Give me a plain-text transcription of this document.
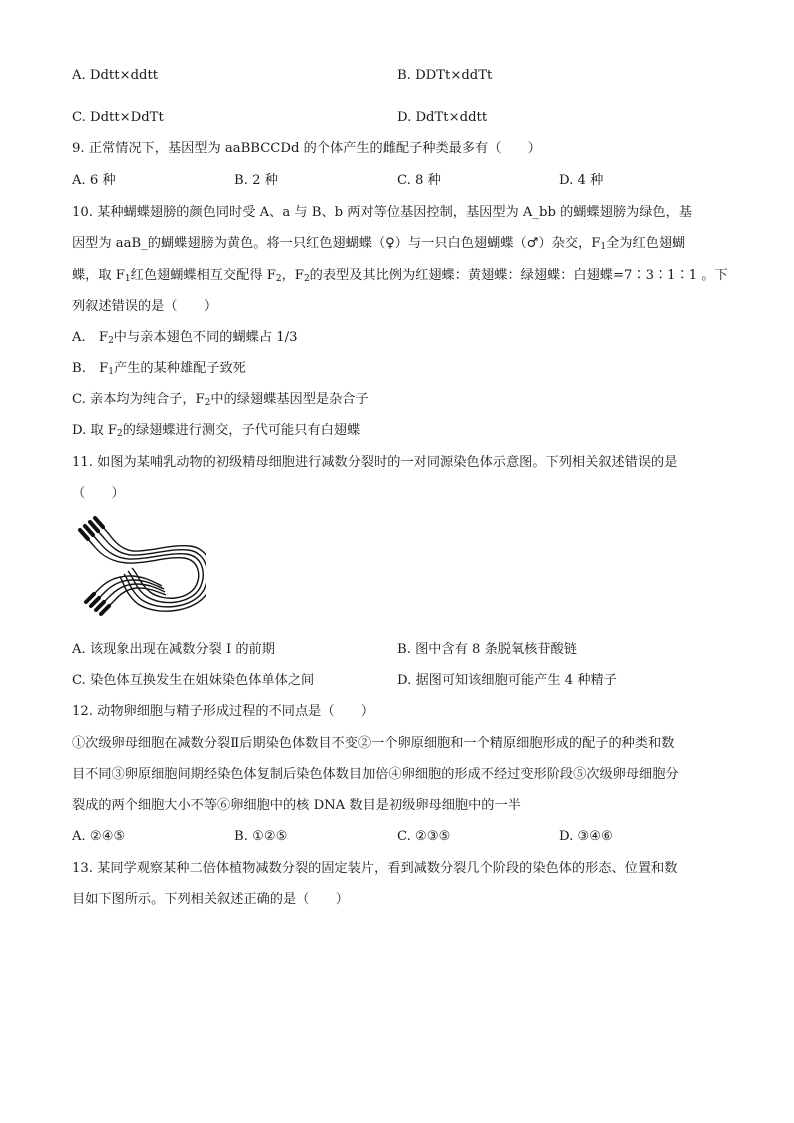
A. Ddtt×ddtt	B. DDTt×ddTt
C. Ddtt×DdTt	D. DdTt×ddtt
9. 正常情况下，基因型为 aaBBCCDd 的个体产生的雌配子种类最多有（　　）
A. 6 种	B. 2 种	C. 8 种	D. 4 种
10. 某种蝴蝶翅膀的颜色同时受 A、a 与 B、b 两对等位基因控制，基因型为 A_bb 的蝴蝶翅膀为绿色，基
因型为 aaB_的蝴蝶翅膀为黄色。将一只红色翅蝴蝶（♀）与一只白色翅蝴蝶（♂）杂交，$F_1$全为红色翅蝴
蝶，取 $F_1$红色翅蝴蝶相互交配得 $F_2$，$F_2$的表型及其比例为红翅蝶：黄翅蝶：绿翅蝶：白翅蝶=7∶3∶1∶1 。下
列叙述错误的是（　　）
A.　$F_2$中与亲本翅色不同的蝴蝶占 1/3
B.　$F_1$产生的某种雄配子致死
C. 亲本均为纯合子，$F_2$中的绿翅蝶基因型是杂合子
D. 取 $F_2$的绿翅蝶进行测交，子代可能只有白翅蝶
11. 如图为某哺乳动物的初级精母细胞进行减数分裂时的一对同源染色体示意图。下列相关叙述错误的是
（　　）
A. 该现象出现在减数分裂 I 的前期	B. 图中含有 8 条脱氧核苷酸链
C. 染色体互换发生在姐妹染色体单体之间	D. 据图可知该细胞可能产生 4 种精子
12. 动物卵细胞与精子形成过程的不同点是（　　）
①次级卵母细胞在减数分裂Ⅱ后期染色体数目不变②一个卵原细胞和一个精原细胞形成的配子的种类和数
目不同③卵原细胞间期经染色体复制后染色体数目加倍④卵细胞的形成不经过变形阶段⑤次级卵母细胞分
裂成的两个细胞大小不等⑥卵细胞中的核 DNA 数目是初级卵母细胞中的一半
A. ②④⑤	B. ①②⑤	C. ②③⑤	D. ③④⑥
13. 某同学观察某种二倍体植物减数分裂的固定装片，看到减数分裂几个阶段的染色体的形态、位置和数
目如下图所示。下列相关叙述正确的是（　　）
